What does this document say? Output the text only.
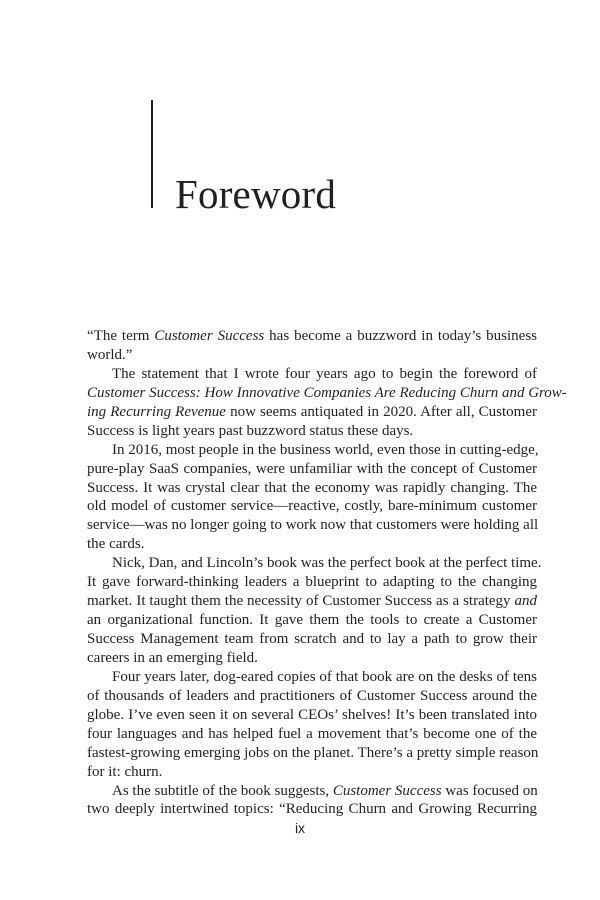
Foreword
“The term Customer Success has become a buzzword in today’s business
world.”
The statement that I wrote four years ago to begin the foreword of
Customer Success: How Innovative Companies Are Reducing Churn and Grow-
ing Recurring Revenue now seems antiquated in 2020. After all, Customer
Success is light years past buzzword status these days.
In 2016, most people in the business world, even those in cutting-edge,
pure-play SaaS companies, were unfamiliar with the concept of Customer
Success. It was crystal clear that the economy was rapidly changing. The
old model of customer service—reactive, costly, bare-minimum customer
service—was no longer going to work now that customers were holding all
the cards.
Nick, Dan, and Lincoln’s book was the perfect book at the perfect time.
It gave forward-thinking leaders a blueprint to adapting to the changing
market. It taught them the necessity of Customer Success as a strategy and
an organizational function. It gave them the tools to create a Customer
Success Management team from scratch and to lay a path to grow their
careers in an emerging field.
Four years later, dog-eared copies of that book are on the desks of tens
of thousands of leaders and practitioners of Customer Success around the
globe. I’ve even seen it on several CEOs’ shelves! It’s been translated into
four languages and has helped fuel a movement that’s become one of the
fastest-growing emerging jobs on the planet. There’s a pretty simple reason
for it: churn.
As the subtitle of the book suggests, Customer Success was focused on
two deeply intertwined topics: “Reducing Churn and Growing Recurring
ix
